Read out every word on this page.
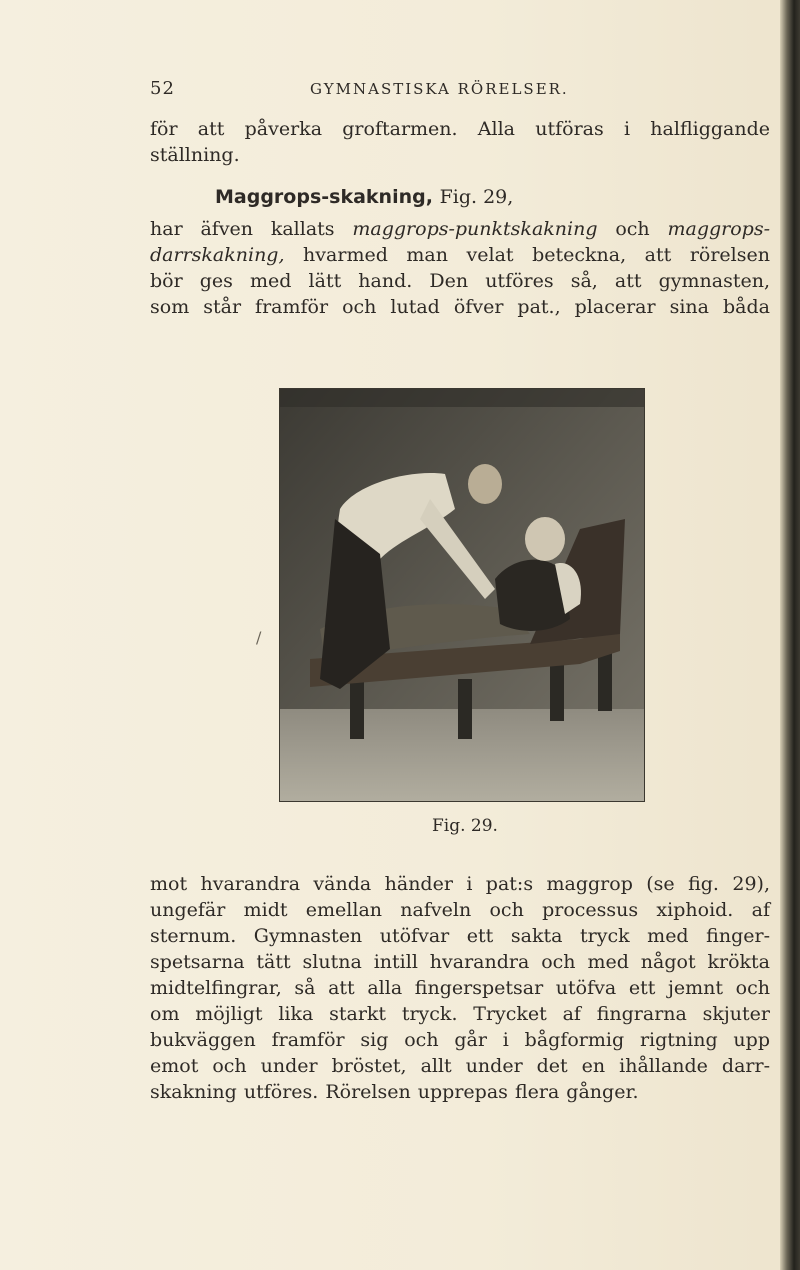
52	GYMNASTISKA RÖRELSER.
för att påverka groftarmen. Alla utföras i halfliggande
ställning.
Maggrops-skakning, Fig. 29,
har äfven kallats maggrops-punktskakning och maggrops-
darrskakning, hvarmed man velat beteckna, att rörelsen
bör ges med lätt hand. Den utföres så, att gymnasten,
som står framför och lutad öfver pat., placerar sina båda
/
Fig. 29.
mot hvarandra vända händer i pat:s maggrop (se fig. 29),
ungefär midt emellan nafveln och processus xiphoid. af
sternum. Gymnasten utöfvar ett sakta tryck med finger-
spetsarna tätt slutna intill hvarandra och med något krökta
midtelfingrar, så att alla fingerspetsar utöfva ett jemnt och
om möjligt lika starkt tryck. Trycket af fingrarna skjuter
bukväggen framför sig och går i bågformig rigtning upp
emot och under bröstet, allt under det en ihållande darr-
skakning utföres. Rörelsen upprepas flera gånger.
